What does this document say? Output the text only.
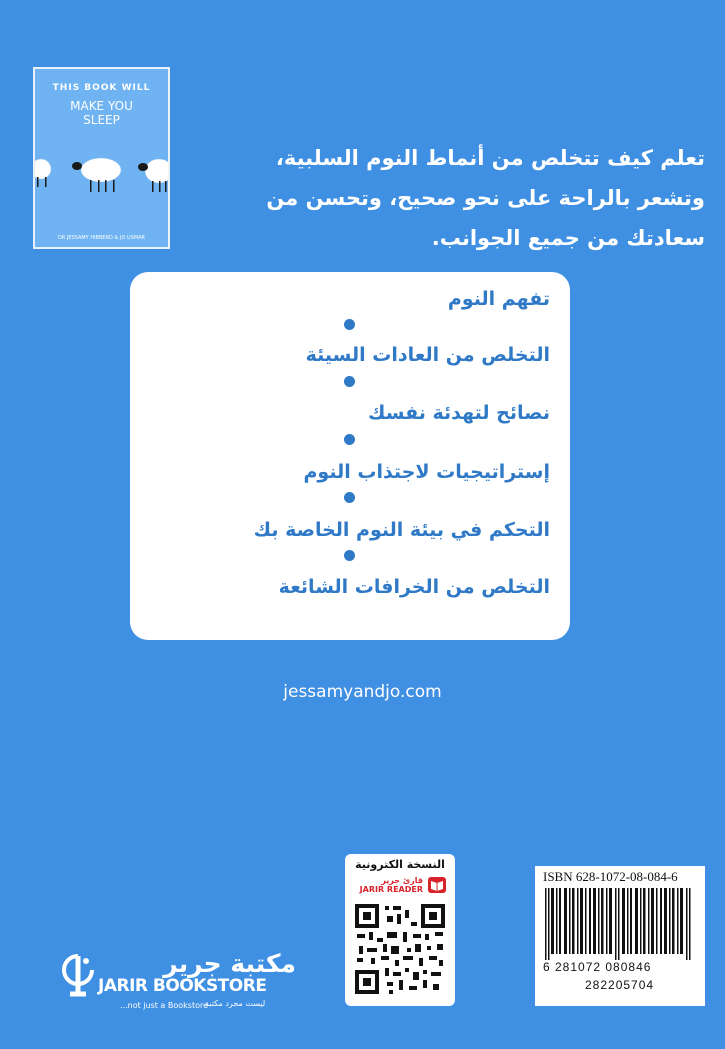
THIS BOOK WILL
MAKE YOU SLEEP
DR JESSAMY HIBBERD & JO USMAR
تعلم كيف تتخلص من أنماط النوم السلبية،
وتشعر بالراحة على نحو صحيح، وتحسن من
سعادتك من جميع الجوانب.
تفهم النوم
التخلص من العادات السيئة
نصائح لتهدئة نفسك
إستراتيجيات لاجتذاب النوم
التحكم في بيئة النوم الخاصة بك
التخلص من الخرافات الشائعة
jessamyandjo.com
مكتبة جرير
JARIR BOOKSTORE
...not just a Bookstore
ليست مجرد مكتبة
النسخة الكترونية
قارئ جرير
JARIR READER
ISBN 628-1072-08-084-6
6 281072 080846
282205704
